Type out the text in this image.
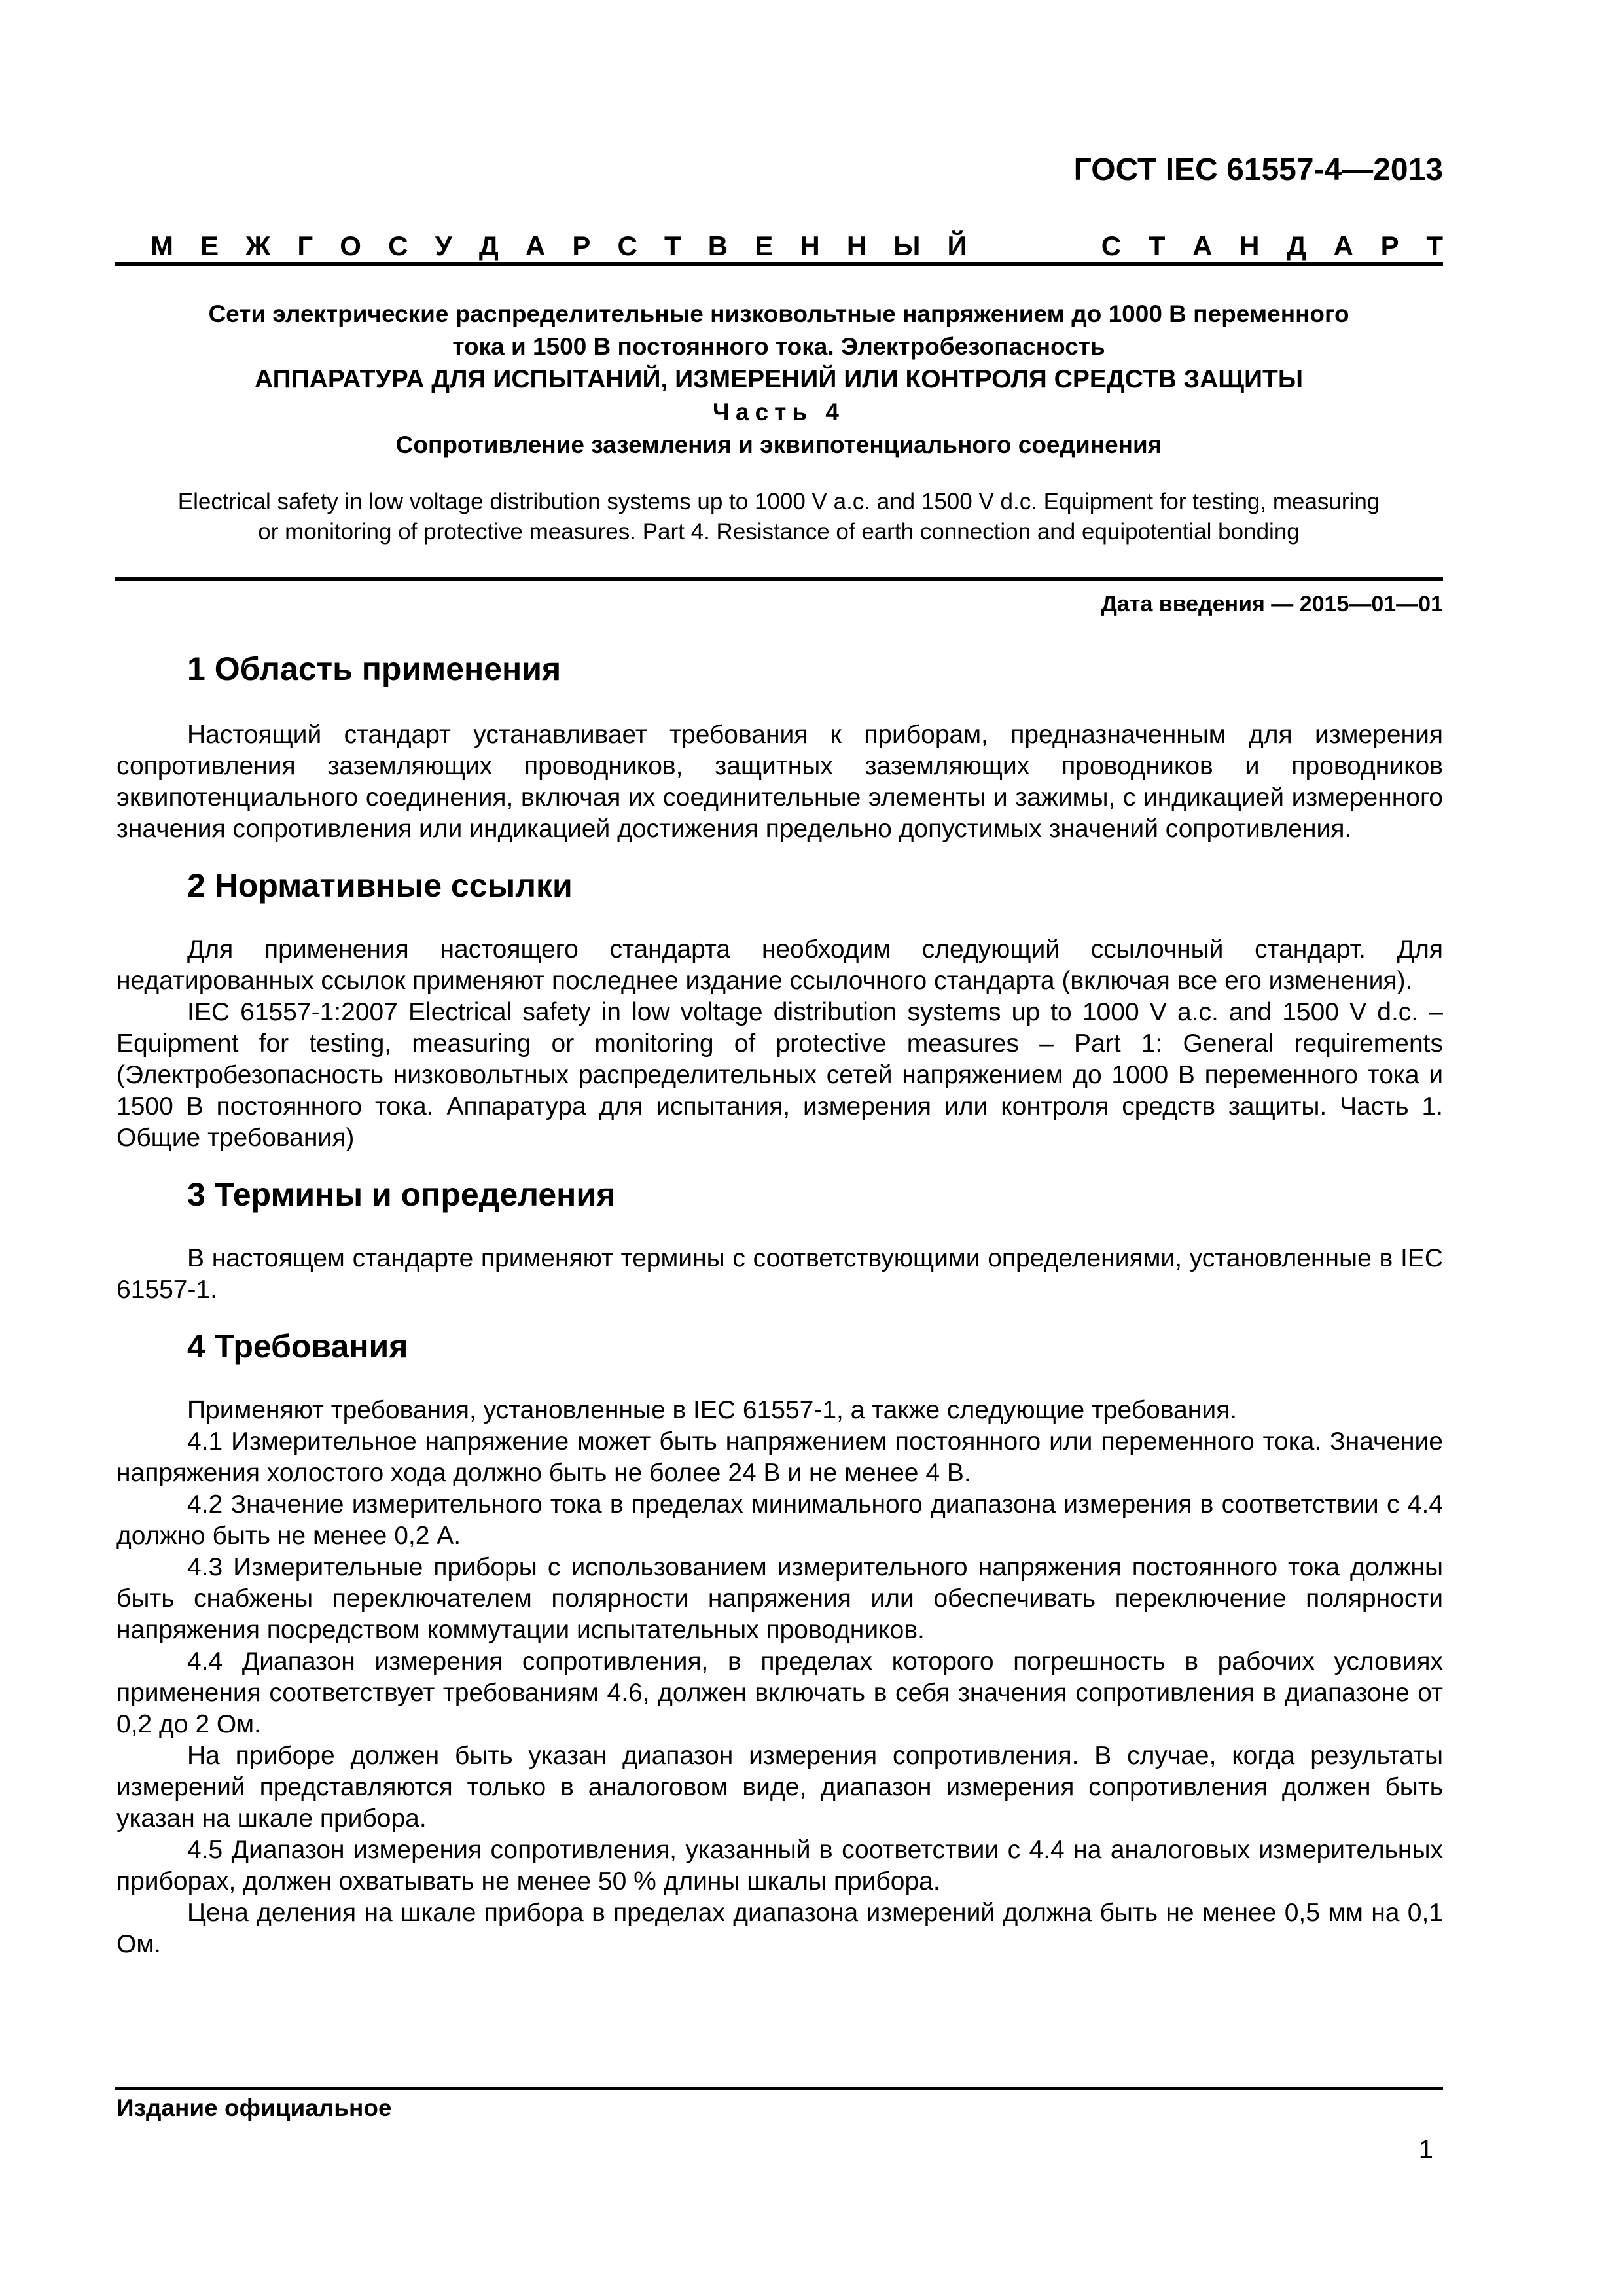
ГОСТ IEC 61557-4—2013
М Е Ж Г О С У Д А Р С Т В Е Н Н Ы Й	С Т А Н Д А Р Т
Сети электрические распределительные низковольтные напряжением до 1000 В переменного
тока и 1500 В постоянного тока. Электробезопасность
АППАРАТУРА ДЛЯ ИСПЫТАНИЙ, ИЗМЕРЕНИЙ ИЛИ КОНТРОЛЯ СРЕДСТВ ЗАЩИТЫ
Часть 4
Сопротивление заземления и эквипотенциального соединения
Electrical safety in low voltage distribution systems up to 1000 V a.c. and 1500 V d.c. Equipment for testing, measuring
or monitoring of protective measures. Part 4. Resistance of earth connection and equipotential bonding
Дата введения — 2015—01—01
1 Область применения

Настоящий стандарт устанавливает требования к приборам, предназначенным для измерения сопротивления заземляющих проводников, защитных заземляющих проводников и проводников эквипотенциального соединения, включая их соединительные элементы и зажимы, с индикацией измеренного значения сопротивления или индикацией достижения предельно допустимых значений сопротивления.

2 Нормативные ссылки

Для применения настоящего стандарта необходим следующий ссылочный стандарт. Для недатированных ссылок применяют последнее издание ссылочного стандарта (включая все его изменения).

IEC 61557-1:2007 Electrical safety in low voltage distribution systems up to 1000 V a.c. and 1500 V d.c. – Equipment for testing, measuring or monitoring of protective measures – Part 1: General requirements (Электробезопасность низковольтных распределительных сетей напряжением до 1000 В переменного тока и 1500 В постоянного тока. Аппаратура для испытания, измерения или контроля средств защиты. Часть 1. Общие требования)

3 Термины и определения

В настоящем стандарте применяют термины с соответствующими определениями, установленные в IEC 61557-1.

4 Требования

Применяют требования, установленные в IEC 61557-1, а также следующие требования.

4.1 Измерительное напряжение может быть напряжением постоянного или переменного тока. Значение напряжения холостого хода должно быть не более 24 В и не менее 4 В.

4.2 Значение измерительного тока в пределах минимального диапазона измерения в соответствии с 4.4 должно быть не менее 0,2 А.

4.3 Измерительные приборы с использованием измерительного напряжения постоянного тока должны быть снабжены переключателем полярности напряжения или обеспечивать переключение полярности напряжения посредством коммутации испытательных проводников.

4.4 Диапазон измерения сопротивления, в пределах которого погрешность в рабочих условиях применения соответствует требованиям 4.6, должен включать в себя значения сопротивления в диапазоне от 0,2 до 2 Ом.

На приборе должен быть указан диапазон измерения сопротивления. В случае, когда результаты измерений представляются только в аналоговом виде, диапазон измерения сопротивления должен быть указан на шкале прибора.

4.5 Диапазон измерения сопротивления, указанный в соответствии с 4.4 на аналоговых измерительных приборах, должен охватывать не менее 50 % длины шкалы прибора.

Цена деления на шкале прибора в пределах диапазона измерений должна быть не менее 0,5 мм на 0,1 Ом.

Издание официальное
1
